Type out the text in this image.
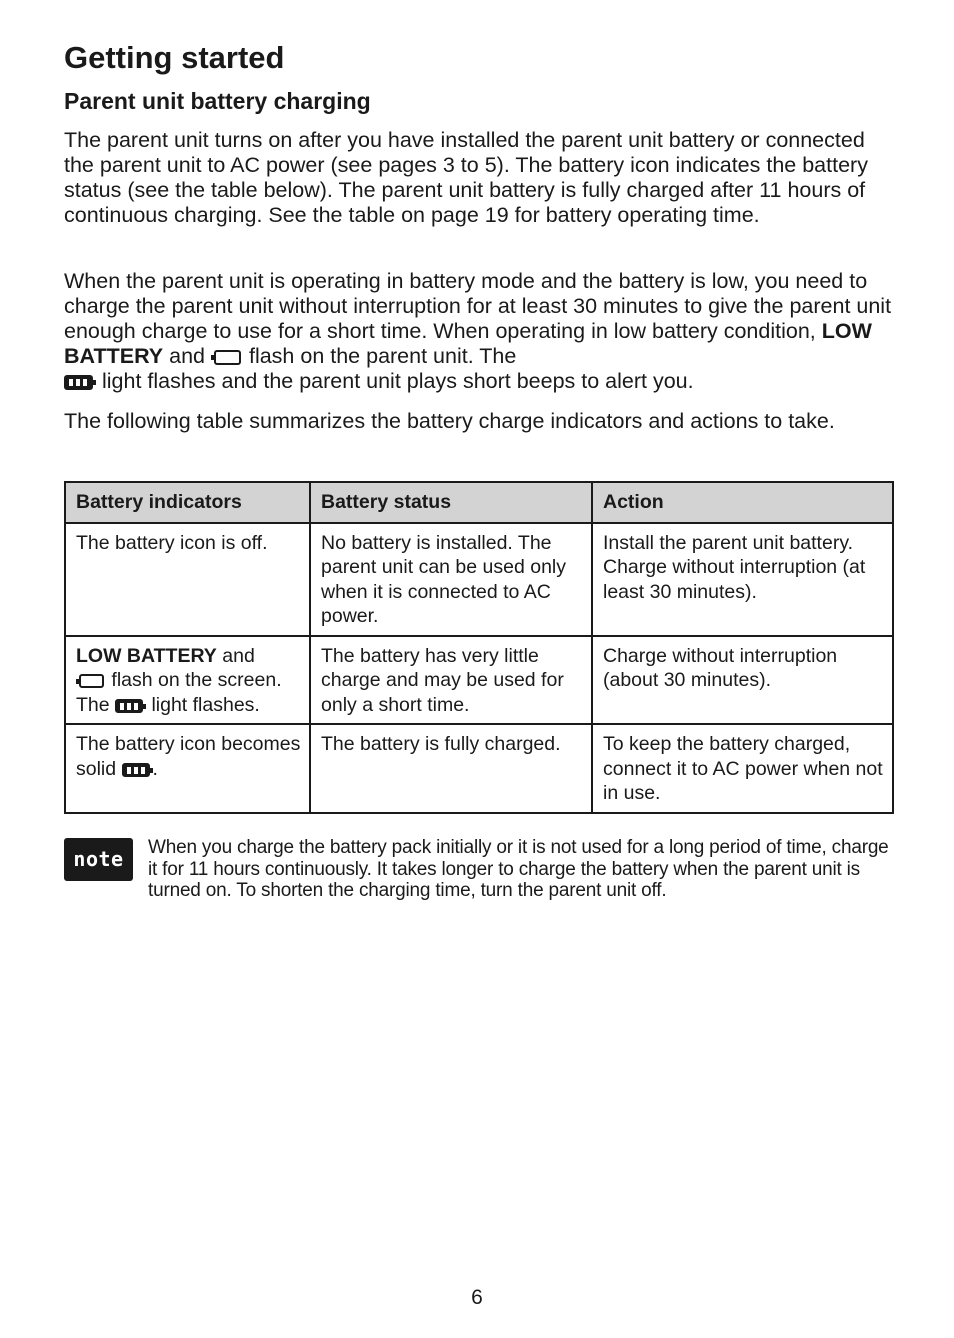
Getting started
Parent unit battery charging

The parent unit turns on after you have installed the parent unit battery or connected the parent unit to AC power (see pages 3 to 5). The battery icon indicates the battery status (see the table below). The parent unit battery is fully charged after 11 hours of continuous charging. See the table on page 19 for battery operating time.

When the parent unit is operating in battery mode and the battery is low, you need to charge the parent unit without interruption for at least 30 minutes to give the parent unit enough charge to use for a short time. When operating in low battery condition, LOW BATTERY and flash on the parent unit. The
light flashes and the parent unit plays short beeps to alert you.

The following table summarizes the battery charge indicators and actions to take.

Battery indicators	Battery status	Action
The battery icon is off.	No battery is installed. The parent unit can be used only when it is connected to AC power.	Install the parent unit battery. Charge without interruption (at least 30 minutes).
LOW BATTERY and
flash on the screen.
The light flashes.	The battery has very little charge and may be used for only a short time.	Charge without interruption (about 30 minutes).
The battery icon becomes solid .	The battery is fully charged.	To keep the battery charged, connect it to AC power when not in use.
note	When you charge the battery pack initially or it is not used for a long period of time, charge it for 11 hours continuously. It takes longer to charge the battery when the parent unit is turned on. To shorten the charging time, turn the parent unit off.

6
